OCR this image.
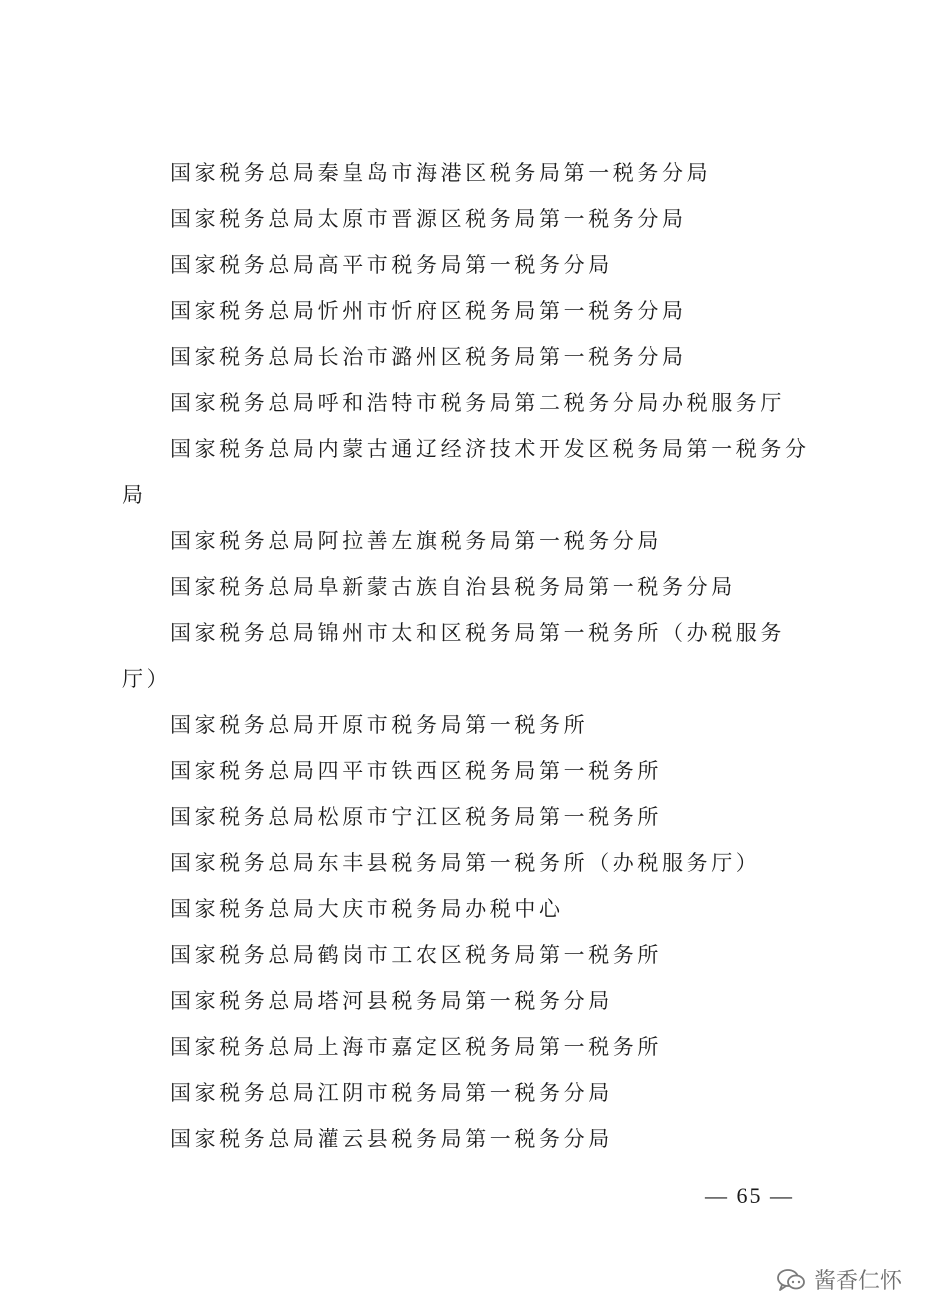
国家税务总局秦皇岛市海港区税务局第一税务分局
国家税务总局太原市晋源区税务局第一税务分局
国家税务总局高平市税务局第一税务分局
国家税务总局忻州市忻府区税务局第一税务分局
国家税务总局长治市潞州区税务局第一税务分局
国家税务总局呼和浩特市税务局第二税务分局办税服务厅
国家税务总局内蒙古通辽经济技术开发区税务局第一税务分局
国家税务总局阿拉善左旗税务局第一税务分局
国家税务总局阜新蒙古族自治县税务局第一税务分局
国家税务总局锦州市太和区税务局第一税务所（办税服务厅）
国家税务总局开原市税务局第一税务所
国家税务总局四平市铁西区税务局第一税务所
国家税务总局松原市宁江区税务局第一税务所
国家税务总局东丰县税务局第一税务所（办税服务厅）
国家税务总局大庆市税务局办税中心
国家税务总局鹤岗市工农区税务局第一税务所
国家税务总局塔河县税务局第一税务分局
国家税务总局上海市嘉定区税务局第一税务所
国家税务总局江阴市税务局第一税务分局
国家税务总局灌云县税务局第一税务分局
— 65 —
酱香仁怀
